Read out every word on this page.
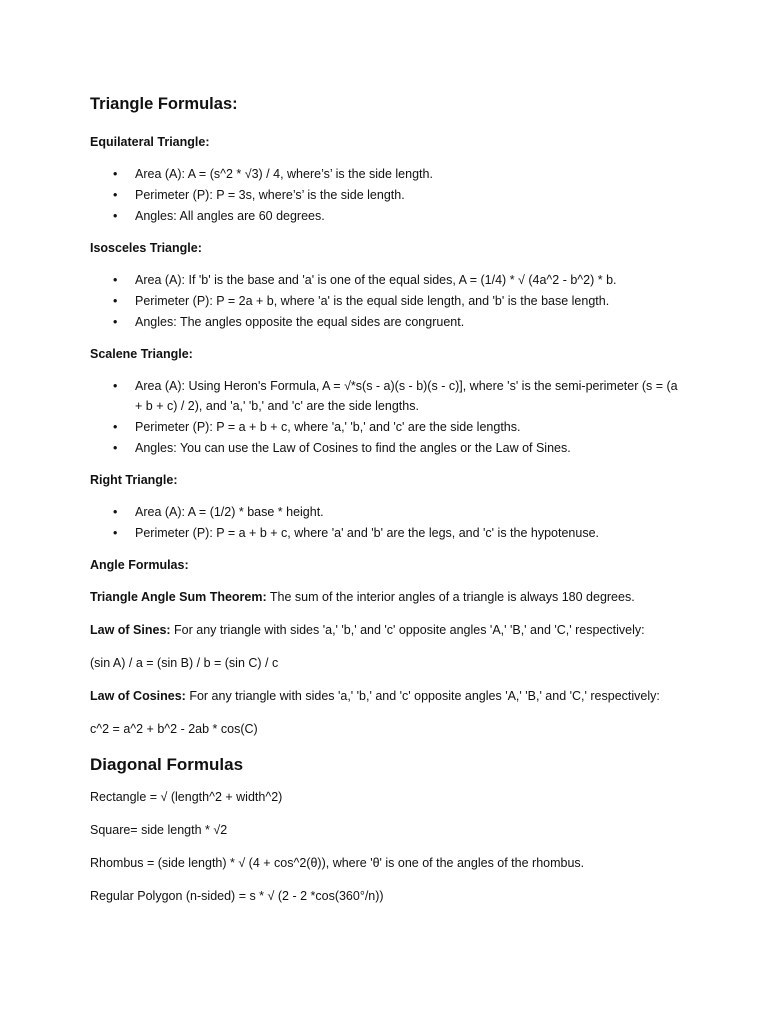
Triangle Formulas:
Equilateral Triangle:
• Area (A): A = (s^2 * √3) / 4, where’s’ is the side length.
• Perimeter (P): P = 3s, where’s’ is the side length.
• Angles: All angles are 60 degrees.
Isosceles Triangle:
• Area (A): If 'b' is the base and 'a' is one of the equal sides, A = (1/4) * √ (4a^2 - b^2) * b.
• Perimeter (P): P = 2a + b, where 'a' is the equal side length, and 'b' is the base length.
• Angles: The angles opposite the equal sides are congruent.
Scalene Triangle:
• Area (A): Using Heron's Formula, A = √*s(s - a)(s - b)(s - c)], where 's' is the semi-perimeter (s = (a + b + c) / 2), and 'a,' 'b,' and 'c' are the side lengths.
• Perimeter (P): P = a + b + c, where 'a,' 'b,' and 'c' are the side lengths.
• Angles: You can use the Law of Cosines to find the angles or the Law of Sines.
Right Triangle:
• Area (A): A = (1/2) * base * height.
• Perimeter (P): P = a + b + c, where 'a' and 'b' are the legs, and 'c' is the hypotenuse.
Angle Formulas:

Triangle Angle Sum Theorem: The sum of the interior angles of a triangle is always 180 degrees.

Law of Sines: For any triangle with sides 'a,' 'b,' and 'c' opposite angles 'A,' 'B,' and 'C,' respectively:

(sin A) / a = (sin B) / b = (sin C) / c

Law of Cosines: For any triangle with sides 'a,' 'b,' and 'c' opposite angles 'A,' 'B,' and 'C,' respectively:

c^2 = a^2 + b^2 - 2ab * cos(C)

Diagonal Formulas

Rectangle = √ (length^2 + width^2)

Square= side length * √2

Rhombus = (side length) * √ (4 + cos^2(θ)), where 'θ' is one of the angles of the rhombus.

Regular Polygon (n-sided) = s * √ (2 - 2 *cos(360°/n))
